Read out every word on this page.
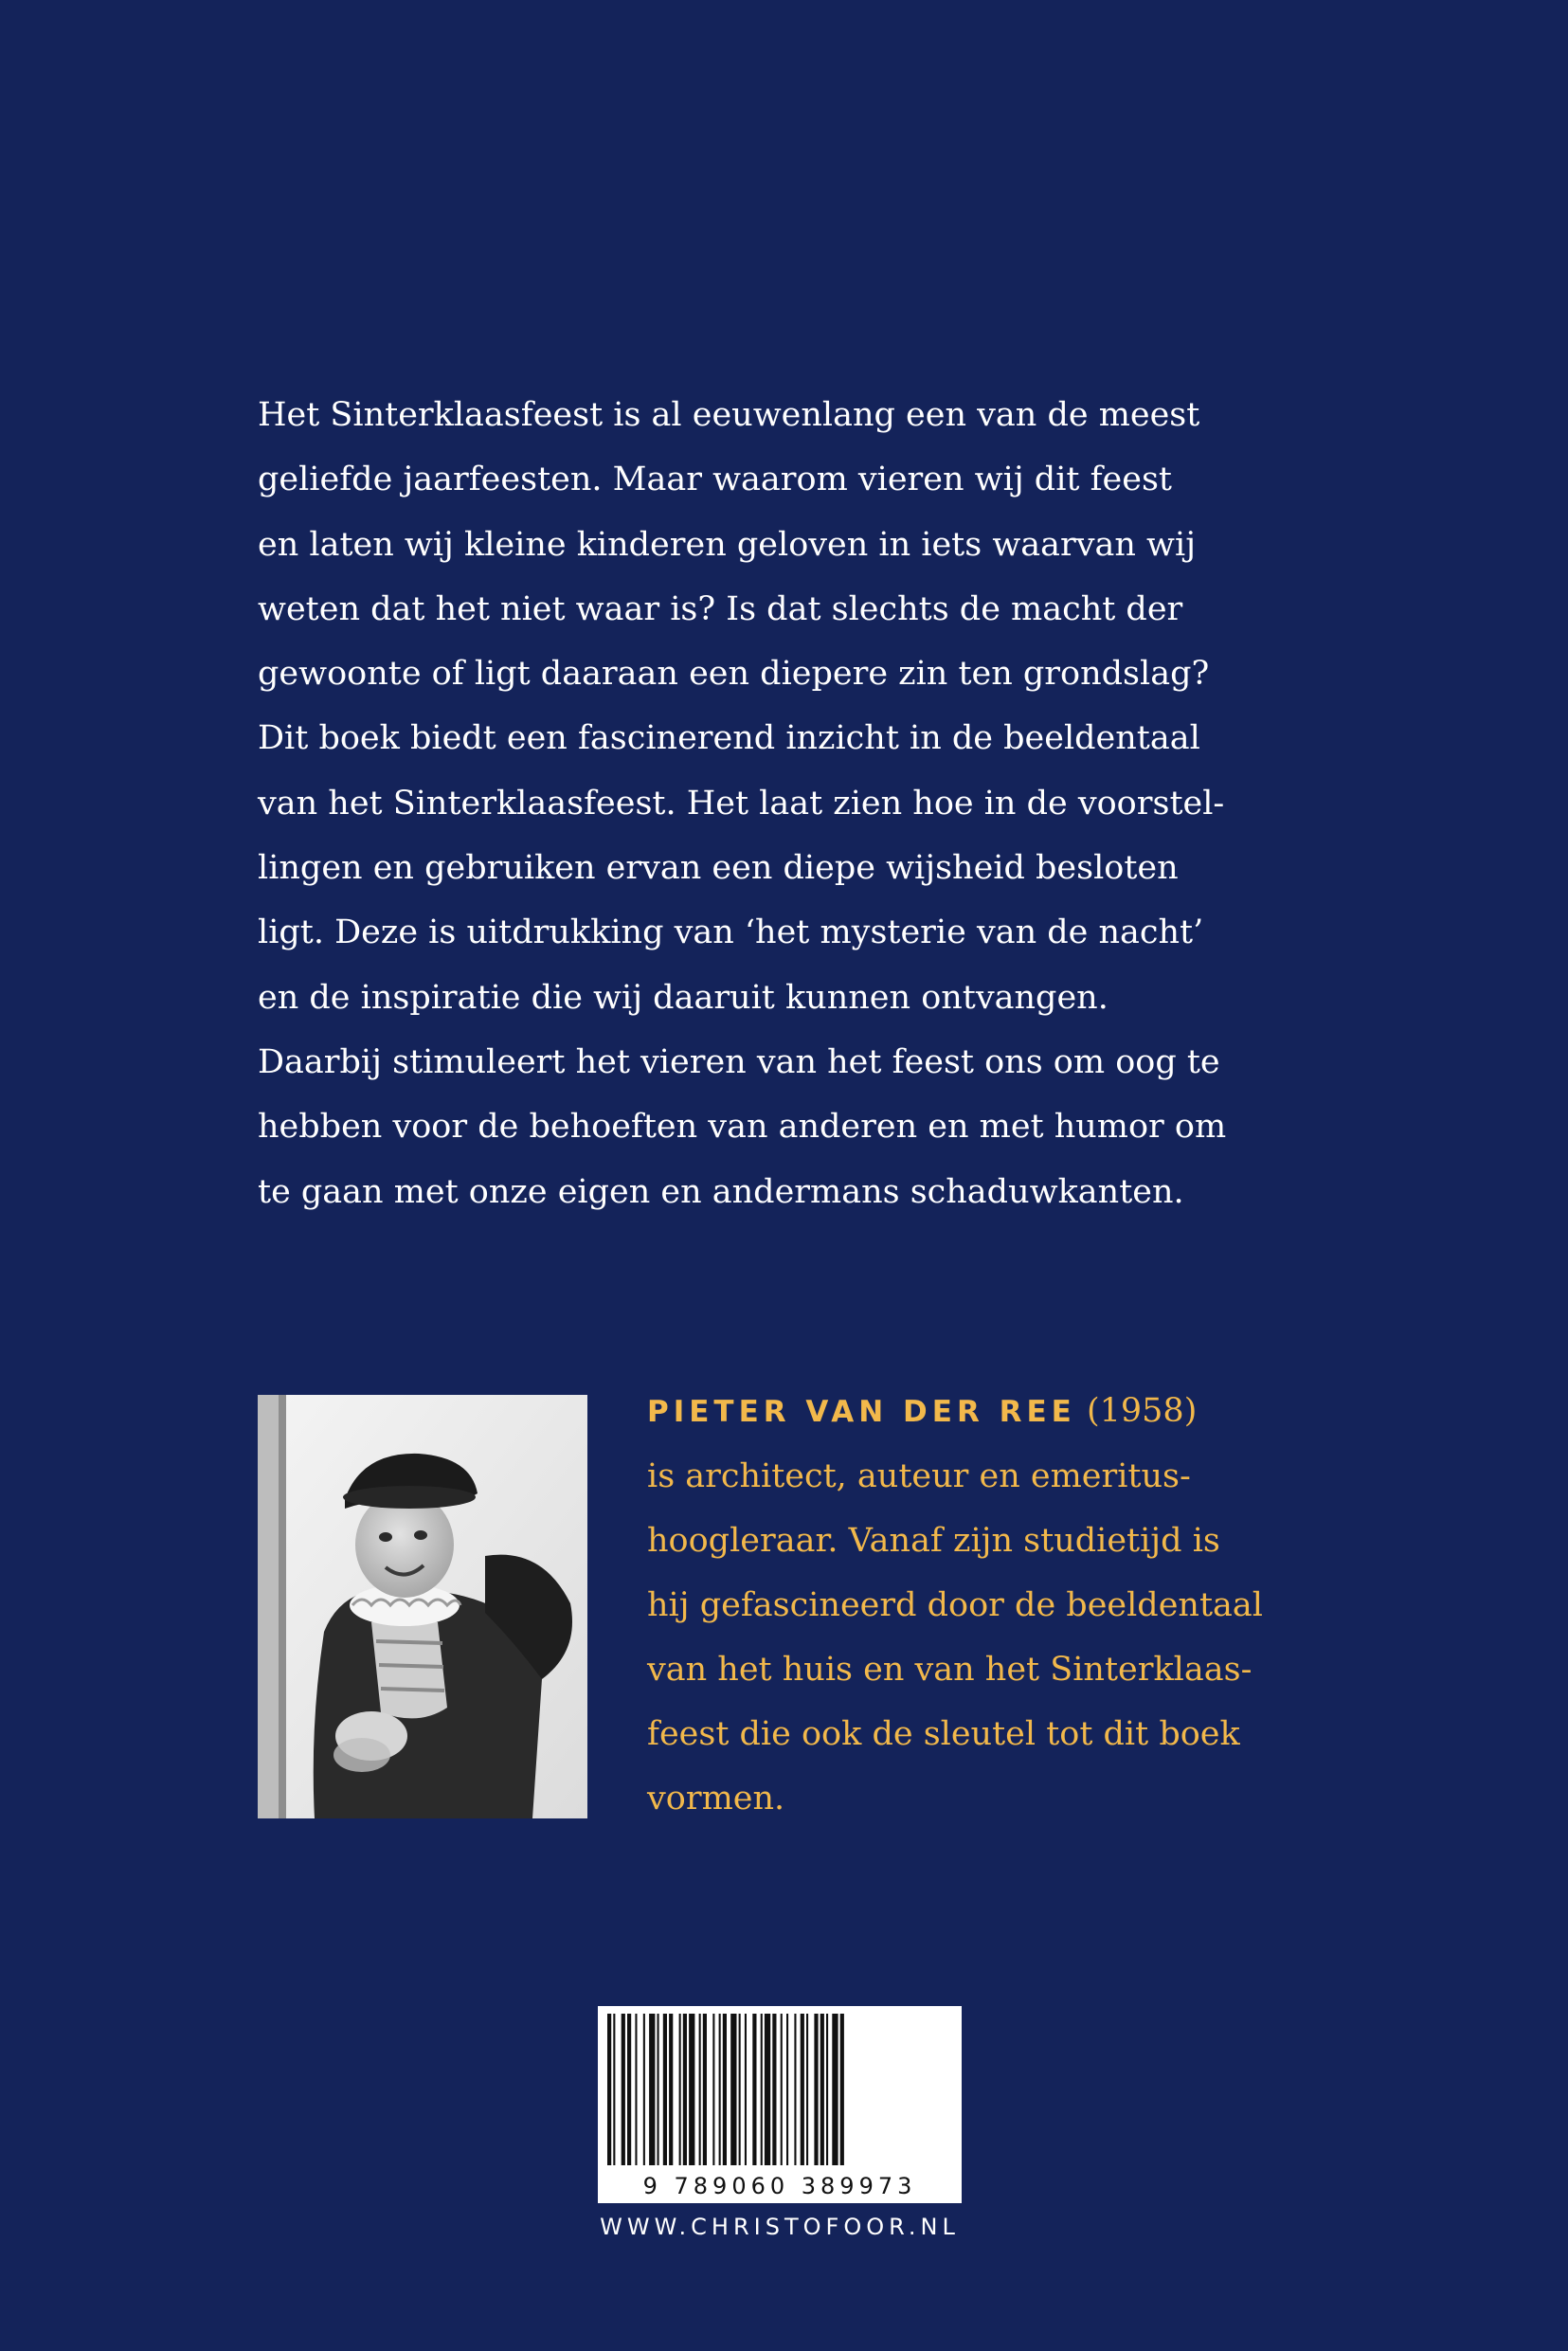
Het Sinterklaasfeest is al eeuwenlang een van de meest
geliefde jaarfeesten. Maar waarom vieren wij dit feest
en laten wij kleine kinderen geloven in iets waarvan wij
weten dat het niet waar is? Is dat slechts de macht der
gewoonte of ligt daaraan een diepere zin ten grondslag?
Dit boek biedt een fascinerend inzicht in de beeldentaal
van het Sinterklaasfeest. Het laat zien hoe in de voorstel-
lingen en gebruiken ervan een diepe wijsheid besloten
ligt. Deze is uitdrukking van ‘het mysterie van de nacht’
en de inspiratie die wij daaruit kunnen ontvangen.
Daarbij stimuleert het vieren van het feest ons om oog te
hebben voor de behoeften van anderen en met humor om
te gaan met onze eigen en andermans schaduwkanten.
PIETER VAN DER REE (1958)
is architect, auteur en emeritus-
hoogleraar. Vanaf zijn studietijd is
hij gefascineerd door de beeldentaal
van het huis en van het Sinterklaas-
feest die ook de sleutel tot dit boek
vormen.
9 789060 389973
WWW.CHRISTOFOOR.NL
